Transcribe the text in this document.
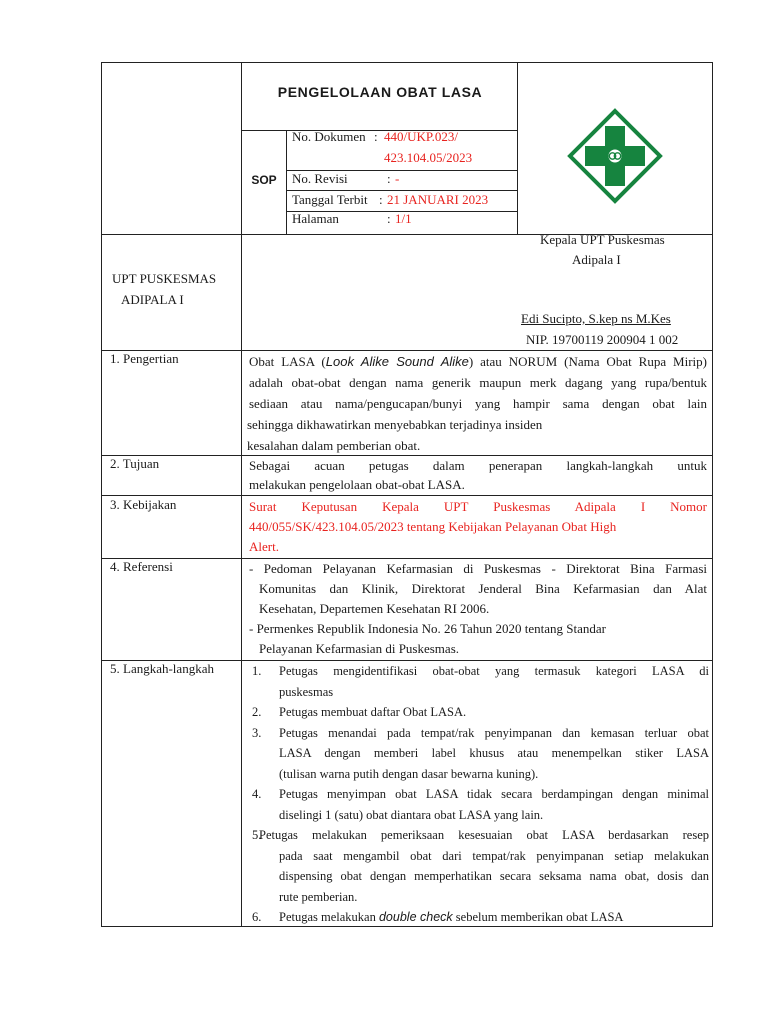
PENGELOLAAN OBAT LASA
SOP
No. Dokumen : 440/UKP.023/
423.104.05/2023
No. Revisi	: -
Tanggal Terbit : 21 JANUARI 2023
Halaman	: 1/1
UPT PUSKESMAS
ADIPALA I
Kepala UPT Puskesmas
Adipala I
Edi Sucipto, S.kep ns M.Kes
NIP. 19700119 200904 1 002
1. Pengertian	Obat LASA (Look Alike Sound Alike) atau NORUM (Nama Obat Rupa Mirip)
adalah obat-obat dengan nama generik maupun merk dagang yang rupa/bentuk
sediaan atau nama/pengucapan/bunyi yang hampir sama dengan obat lain
sehingga dikhawatirkan menyebabkan terjadinya insiden
kesalahan dalam pemberian obat.
2. Tujuan	Sebagai acuan petugas dalam penerapan langkah-langkah untuk
melakukan pengelolaan obat-obat LASA.
3. Kebijakan	Surat Keputusan Kepala UPT Puskesmas Adipala I Nomor
440/055/SK/423.104.05/2023 tentang Kebijakan Pelayanan Obat High
Alert.
4. Referensi	- Pedoman Pelayanan Kefarmasian di Puskesmas - Direktorat Bina Farmasi
Komunitas dan Klinik, Direktorat Jenderal Bina Kefarmasian dan Alat
Kesehatan, Departemen Kesehatan RI 2006.
- Permenkes Republik Indonesia No. 26 Tahun 2020 tentang Standar
Pelayanan Kefarmasian di Puskesmas.
5. Langkah-langkah	1. Petugas mengidentifikasi obat-obat yang termasuk kategori LASA di
puskesmas
2. Petugas membuat daftar Obat LASA.
3. Petugas menandai pada tempat/rak penyimpanan dan kemasan terluar obat
LASA dengan memberi label khusus atau menempelkan stiker LASA
(tulisan warna putih dengan dasar bewarna kuning).
4. Petugas menyimpan obat LASA tidak secara berdampingan dengan minimal
diselingi 1 (satu) obat diantara obat LASA yang lain.
5.
Petugas melakukan pemeriksaan kesesuaian obat LASA berdasarkan resep
pada saat mengambil obat dari tempat/rak penyimpanan setiap melakukan
dispensing obat dengan memperhatikan secara seksama nama obat, dosis dan
rute pemberian.
6. Petugas melakukan double check sebelum memberikan obat LASA
